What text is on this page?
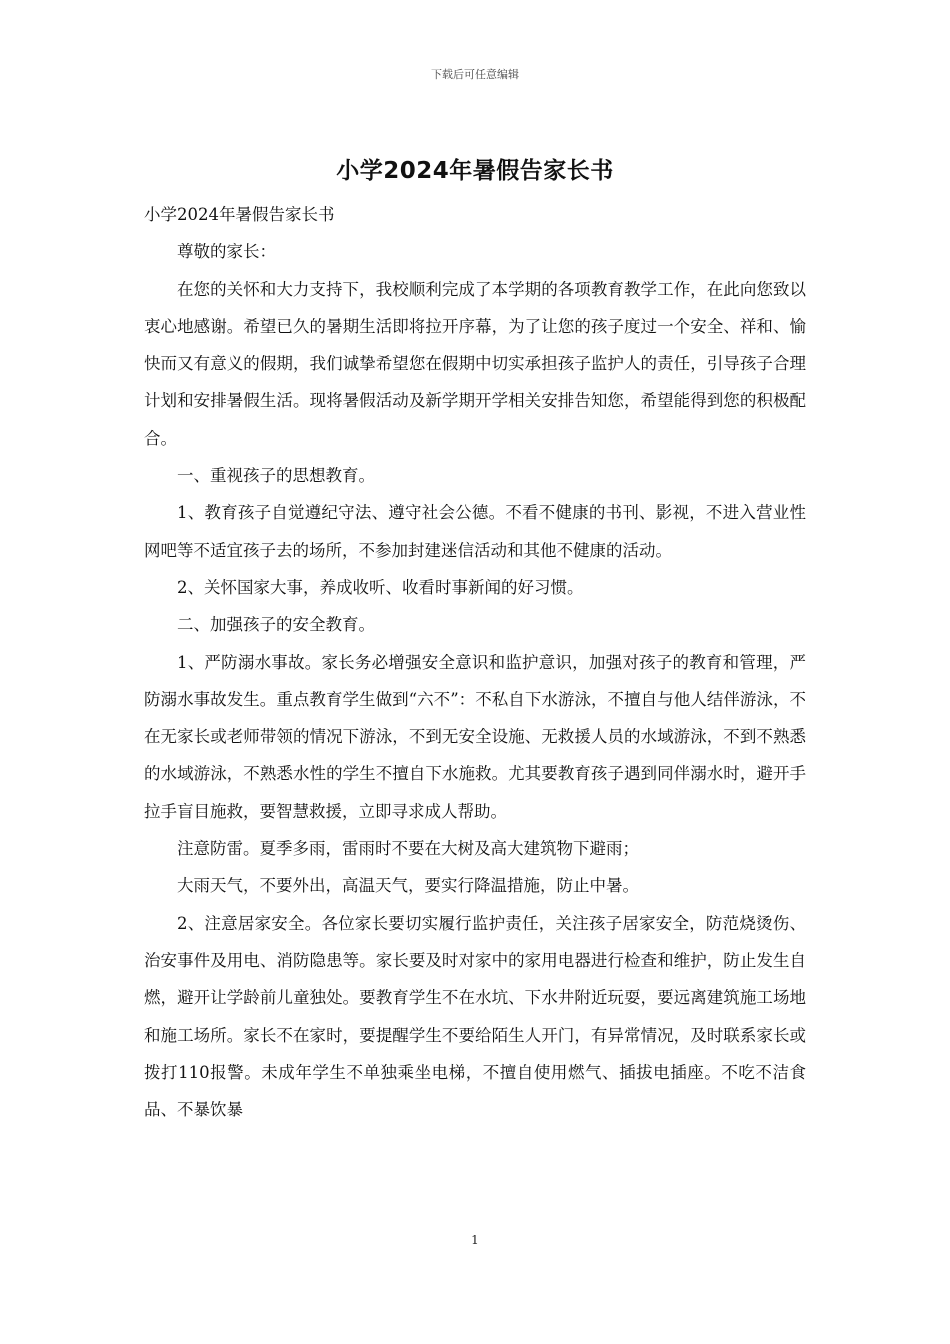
下载后可任意编辑
小学2024年暑假告家长书

小学2024年暑假告家长书

尊敬的家长：

在您的关怀和大力支持下，我校顺利完成了本学期的各项教育教学工作，在此向您致以衷心地感谢。希望已久的暑期生活即将拉开序幕，为了让您的孩子度过一个安全、祥和、愉快而又有意义的假期，我们诚挚希望您在假期中切实承担孩子监护人的责任，引导孩子合理计划和安排暑假生活。现将暑假活动及新学期开学相关安排告知您，希望能得到您的积极配合。

一、重视孩子的思想教育。

1、教育孩子自觉遵纪守法、遵守社会公德。不看不健康的书刊、影视，不进入营业性网吧等不适宜孩子去的场所，不参加封建迷信活动和其他不健康的活动。

2、关怀国家大事，养成收听、收看时事新闻的好习惯。

二、加强孩子的安全教育。

1、严防溺水事故。家长务必增强安全意识和监护意识，加强对孩子的教育和管理，严防溺水事故发生。重点教育学生做到“六不”：不私自下水游泳，不擅自与他人结伴游泳，不在无家长或老师带领的情况下游泳，不到无安全设施、无救援人员的水域游泳，不到不熟悉的水域游泳，不熟悉水性的学生不擅自下水施救。尤其要教育孩子遇到同伴溺水时，避开手拉手盲目施救，要智慧救援，立即寻求成人帮助。

注意防雷。夏季多雨，雷雨时不要在大树及高大建筑物下避雨；

大雨天气，不要外出，高温天气，要实行降温措施，防止中暑。

2、注意居家安全。各位家长要切实履行监护责任，关注孩子居家安全，防范烧烫伤、治安事件及用电、消防隐患等。家长要及时对家中的家用电器进行检查和维护，防止发生自燃，避开让学龄前儿童独处。要教育学生不在水坑、下水井附近玩耍，要远离建筑施工场地和施工场所。家长不在家时，要提醒学生不要给陌生人开门，有异常情况，及时联系家长或拨打110报警。未成年学生不单独乘坐电梯，不擅自使用燃气、插拔电插座。不吃不洁食品、不暴饮暴

1
